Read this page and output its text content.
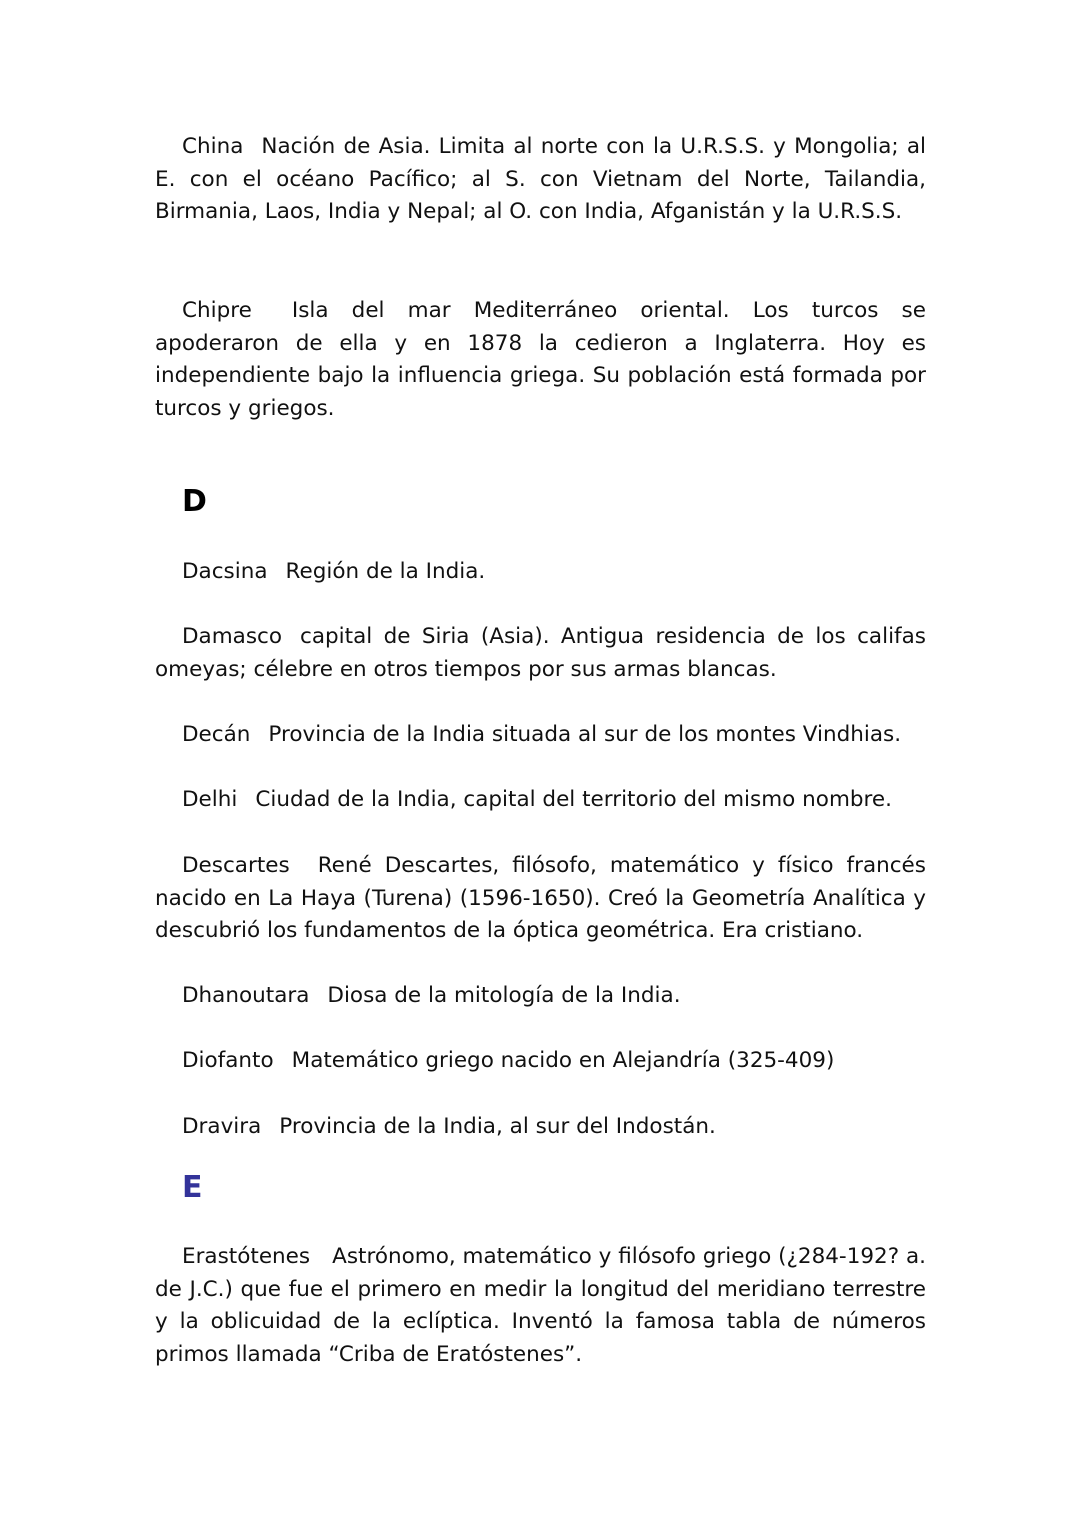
China Nación de Asia. Limita al norte con la U.R.S.S. y Mongolia; al E. con el océano Pacífico; al S. con Vietnam del Norte, Tailandia, Birmania, Laos, India y Nepal; al O. con India, Afganistán y la U.R.S.S.

Chipre Isla del mar Mediterráneo oriental. Los turcos se apoderaron de ella y en 1878 la cedieron a Inglaterra. Hoy es independiente bajo la influencia griega. Su población está formada por turcos y griegos.

D

Dacsina Región de la India.

Damasco capital de Siria (Asia). Antigua residencia de los califas omeyas; célebre en otros tiempos por sus armas blancas.

Decán Provincia de la India situada al sur de los montes Vindhias.

Delhi Ciudad de la India, capital del territorio del mismo nombre.

Descartes René Descartes, filósofo, matemático y físico francés nacido en La Haya (Turena) (1596-1650). Creó la Geometría Analítica y descubrió los fundamentos de la óptica geométrica. Era cristiano.

Dhanoutara Diosa de la mitología de la India.

Diofanto Matemático griego nacido en Alejandría (325-409)

Dravira Provincia de la India, al sur del Indostán.

E

Erastótenes Astrónomo, matemático y filósofo griego (¿284-192? a. de J.C.) que fue el primero en medir la longitud del meridiano terrestre y la oblicuidad de la eclíptica. Inventó la famosa tabla de números primos llamada “Criba de Eratóstenes”.
